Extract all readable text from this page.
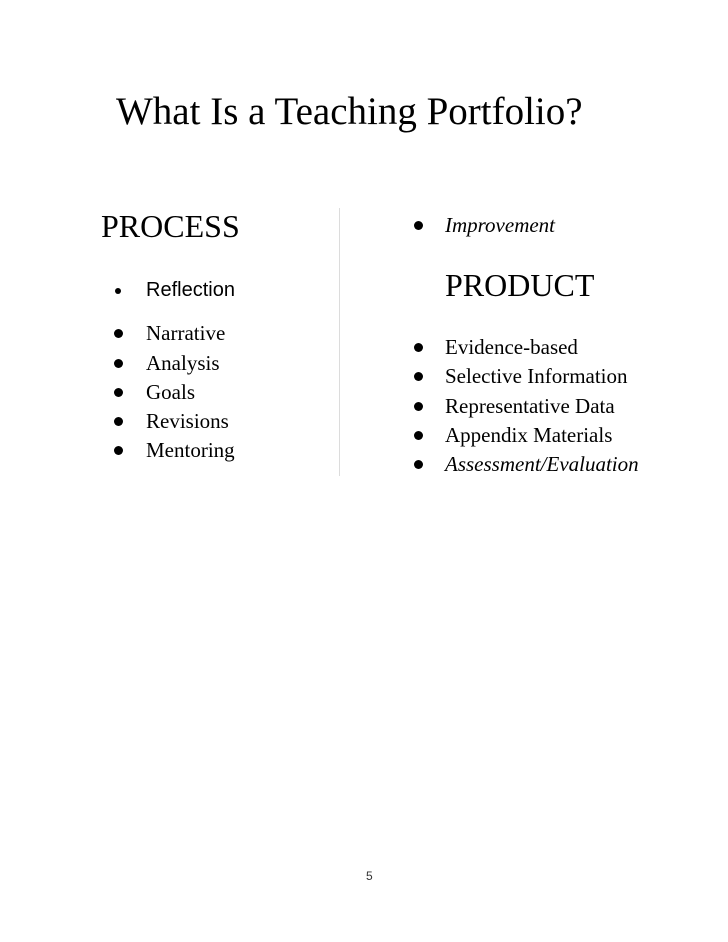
What Is a Teaching Portfolio?
PROCESS
Reflection
Narrative
Analysis
Goals
Revisions
Mentoring
Improvement
PRODUCT
Evidence-based
Selective Information
Representative Data
Appendix Materials
Assessment/Evaluation
5
